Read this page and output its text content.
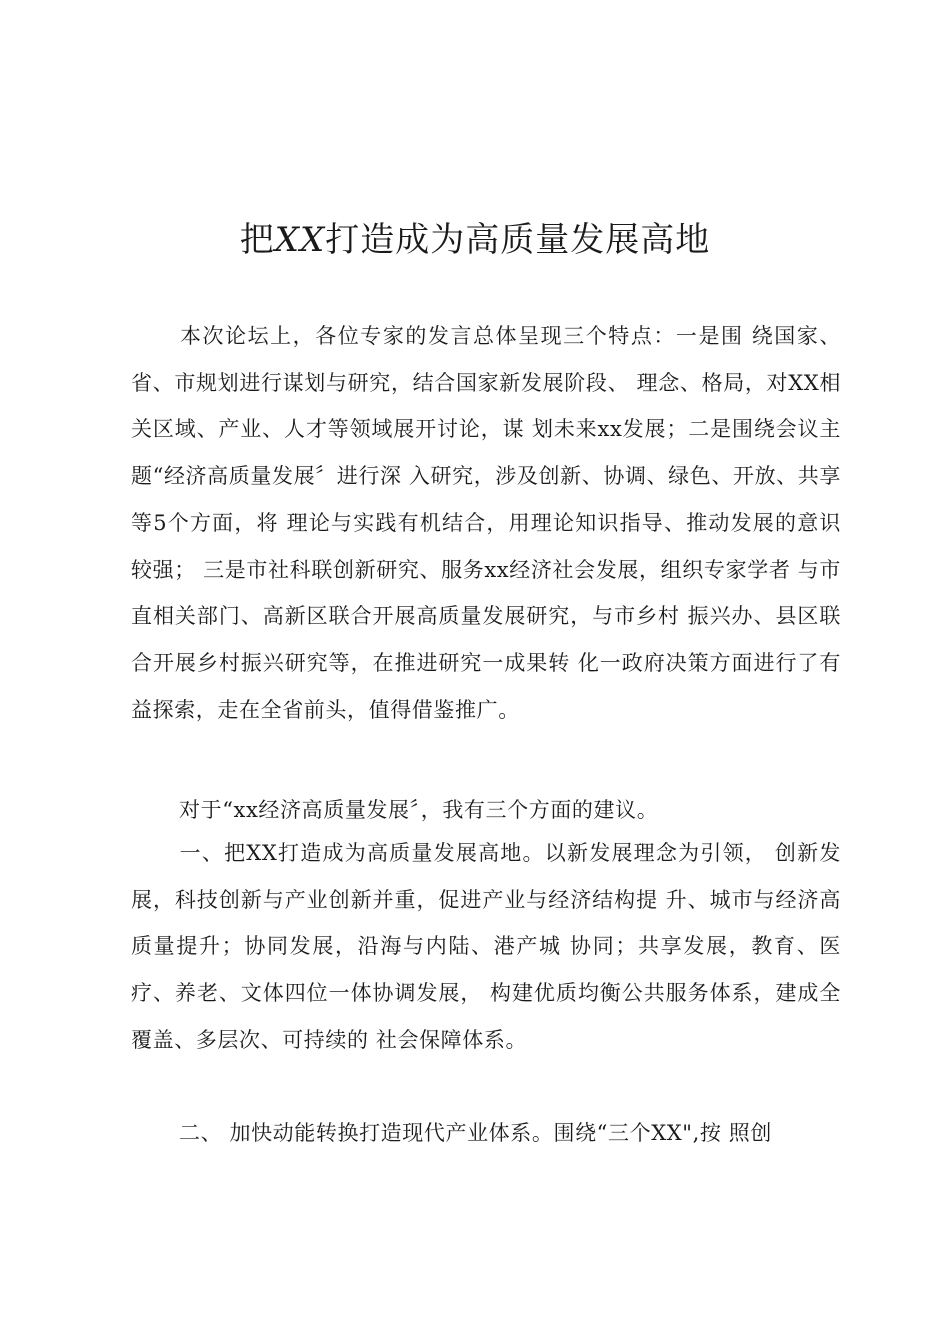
把XX打造成为高质量发展高地

本次论坛上，各位专家的发言总体呈现三个特点：一是围 绕国家、省、市规划进行谋划与研究，结合国家新发展阶段、 理念、格局，对XX相关区域、产业、人才等领域展开讨论，谋 划未来xx发展；二是围绕会议主题“经济高质量发展〞进行深 入研究，涉及创新、协调、绿色、开放、共享等5个方面，将 理论与实践有机结合，用理论知识指导、推动发展的意识较强； 三是市社科联创新研究、服务xx经济社会发展，组织专家学者 与市直相关部门、高新区联合开展高质量发展研究，与市乡村 振兴办、县区联合开展乡村振兴研究等，在推进研究一成果转 化一政府决策方面进行了有益探索，走在全省前头，值得借鉴推广。

对于“xx经济高质量发展〞，我有三个方面的建议。

一、把XX打造成为高质量发展高地。以新发展理念为引领， 创新发展，科技创新与产业创新并重，促进产业与经济结构提 升、城市与经济高质量提升；协同发展，沿海与内陆、港产城 协同；共享发展，教育、医疗、养老、文体四位一体协调发展， 构建优质均衡公共服务体系，建成全覆盖、多层次、可持续的 社会保障体系。

二、 加快动能转换打造现代产业体系。围绕“三个XX",按 照创
